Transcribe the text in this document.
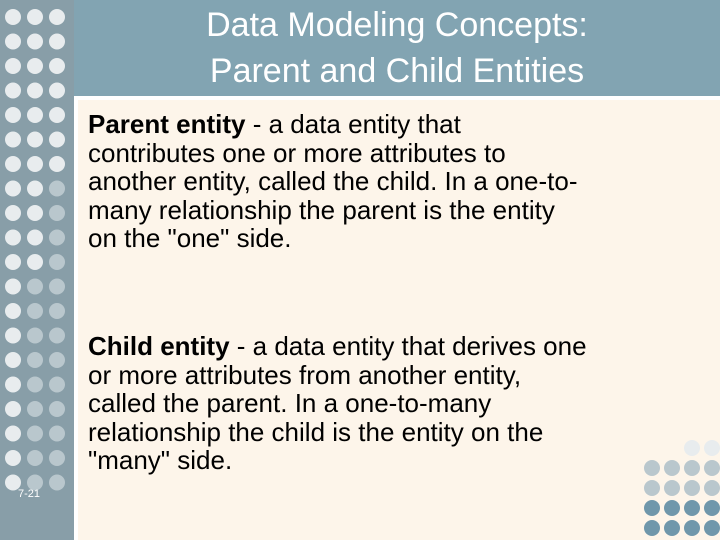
Data Modeling Concepts:
Parent and Child Entities
Parent entity - a data entity that
contributes one or more attributes to
another entity, called the child. In a one-to-
many relationship the parent is the entity
on the "one" side.
Child entity - a data entity that derives one
or more attributes from another entity,
called the parent. In a one-to-many
relationship the child is the entity on the
"many" side.
7-21
